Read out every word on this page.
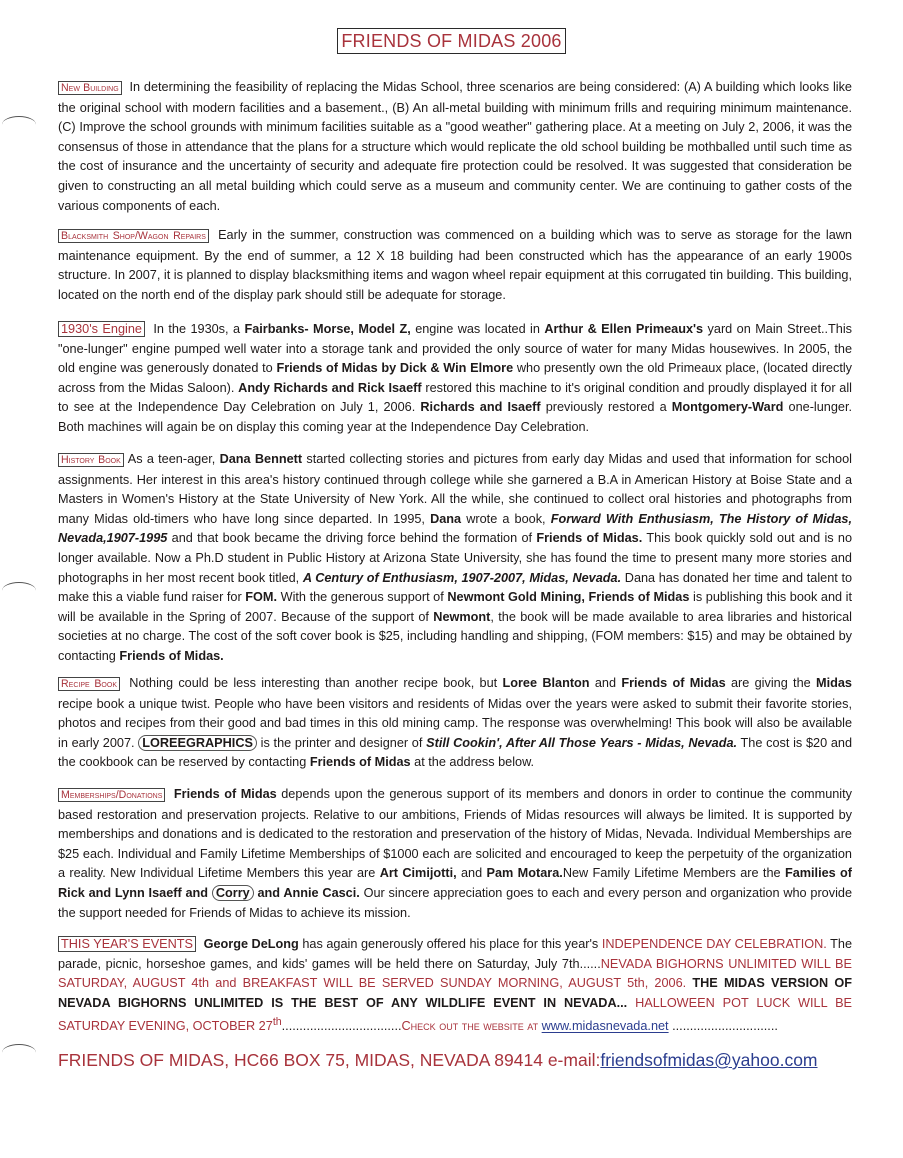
FRIENDS OF MIDAS 2006

New Building In determining the feasibility of replacing the Midas School, three scenarios are being considered: (A) A building which looks like the original school with modern facilities and a basement., (B) An all-metal building with minimum frills and requiring minimum maintenance. (C) Improve the school grounds with minimum facilities suitable as a "good weather" gathering place. At a meeting on July 2, 2006, it was the consensus of those in attendance that the plans for a structure which would replicate the old school building be mothballed until such time as the cost of insurance and the uncertainty of security and adequate fire protection could be resolved. It was suggested that consideration be given to constructing an all metal building which could serve as a museum and community center. We are continuing to gather costs of the various components of each.

Blacksmith Shop/Wagon Repairs Early in the summer, construction was commenced on a building which was to serve as storage for the lawn maintenance equipment. By the end of summer, a 12 X 18 building had been constructed which has the appearance of an early 1900s structure. In 2007, it is planned to display blacksmithing items and wagon wheel repair equipment at this corrugated tin building. This building, located on the north end of the display park should still be adequate for storage.

1930's Engine In the 1930s, a Fairbanks- Morse, Model Z, engine was located in Arthur & Ellen Primeaux's yard on Main Street..This "one-lunger" engine pumped well water into a storage tank and provided the only source of water for many Midas housewives. In 2005, the old engine was generously donated to Friends of Midas by Dick & Win Elmore who presently own the old Primeaux place, (located directly across from the Midas Saloon). Andy Richards and Rick Isaeff restored this machine to it's original condition and proudly displayed it for all to see at the Independence Day Celebration on July 1, 2006. Richards and Isaeff previously restored a Montgomery-Ward one-lunger. Both machines will again be on display this coming year at the Independence Day Celebration.

History Book As a teen-ager, Dana Bennett started collecting stories and pictures from early day Midas and used that information for school assignments. Her interest in this area's history continued through college while she garnered a B.A in American History at Boise State and a Masters in Women's History at the State University of New York. All the while, she continued to collect oral histories and photographs from many Midas old-timers who have long since departed. In 1995, Dana wrote a book, Forward With Enthusiasm, The History of Midas, Nevada,1907-1995 and that book became the driving force behind the formation of Friends of Midas. This book quickly sold out and is no longer available. Now a Ph.D student in Public History at Arizona State University, she has found the time to present many more stories and photographs in her most recent book titled, A Century of Enthusiasm, 1907-2007, Midas, Nevada. Dana has donated her time and talent to make this a viable fund raiser for FOM. With the generous support of Newmont Gold Mining, Friends of Midas is publishing this book and it will be available in the Spring of 2007. Because of the support of Newmont, the book will be made available to area libraries and historical societies at no charge. The cost of the soft cover book is $25, including handling and shipping, (FOM members: $15) and may be obtained by contacting Friends of Midas.

Recipe Book Nothing could be less interesting than another recipe book, but Loree Blanton and Friends of Midas are giving the Midas recipe book a unique twist. People who have been visitors and residents of Midas over the years were asked to submit their favorite stories, photos and recipes from their good and bad times in this old mining camp. The response was overwhelming! This book will also be available in early 2007. LOREEGRAPHICS is the printer and designer of Still Cookin', After All Those Years - Midas, Nevada. The cost is $20 and the cookbook can be reserved by contacting Friends of Midas at the address below.

Memberships/Donations Friends of Midas depends upon the generous support of its members and donors in order to continue the community based restoration and preservation projects. Relative to our ambitions, Friends of Midas resources will always be limited. It is supported by memberships and donations and is dedicated to the restoration and preservation of the history of Midas, Nevada. Individual Memberships are $25 each. Individual and Family Lifetime Memberships of $1000 each are solicited and encouraged to keep the perpetuity of the organization a reality. New Individual Lifetime Members this year are Art Cimijotti, and Pam Motara.New Family Lifetime Members are the Families of Rick and Lynn Isaeff and Corry and Annie Casci. Our sincere appreciation goes to each and every person and organization who provide the support needed for Friends of Midas to achieve its mission.

THIS YEAR'S EVENTS George DeLong has again generously offered his place for this year's INDEPENDENCE DAY CELEBRATION. The parade, picnic, horseshoe games, and kids' games will be held there on Saturday, July 7th......NEVADA BIGHORNS UNLIMITED WILL BE SATURDAY, AUGUST 4th and BREAKFAST WILL BE SERVED SUNDAY MORNING, AUGUST 5th, 2006. THE MIDAS VERSION OF NEVADA BIGHORNS UNLIMITED IS THE BEST OF ANY WILDLIFE EVENT IN NEVADA... HALLOWEEN POT LUCK WILL BE SATURDAY EVENING, OCTOBER 27th..................................Check out the website at www.midasnevada.net ..............................

FRIENDS OF MIDAS, HC66 BOX 75, MIDAS, NEVADA 89414 e-mail:friendsofmidas@yahoo.com
